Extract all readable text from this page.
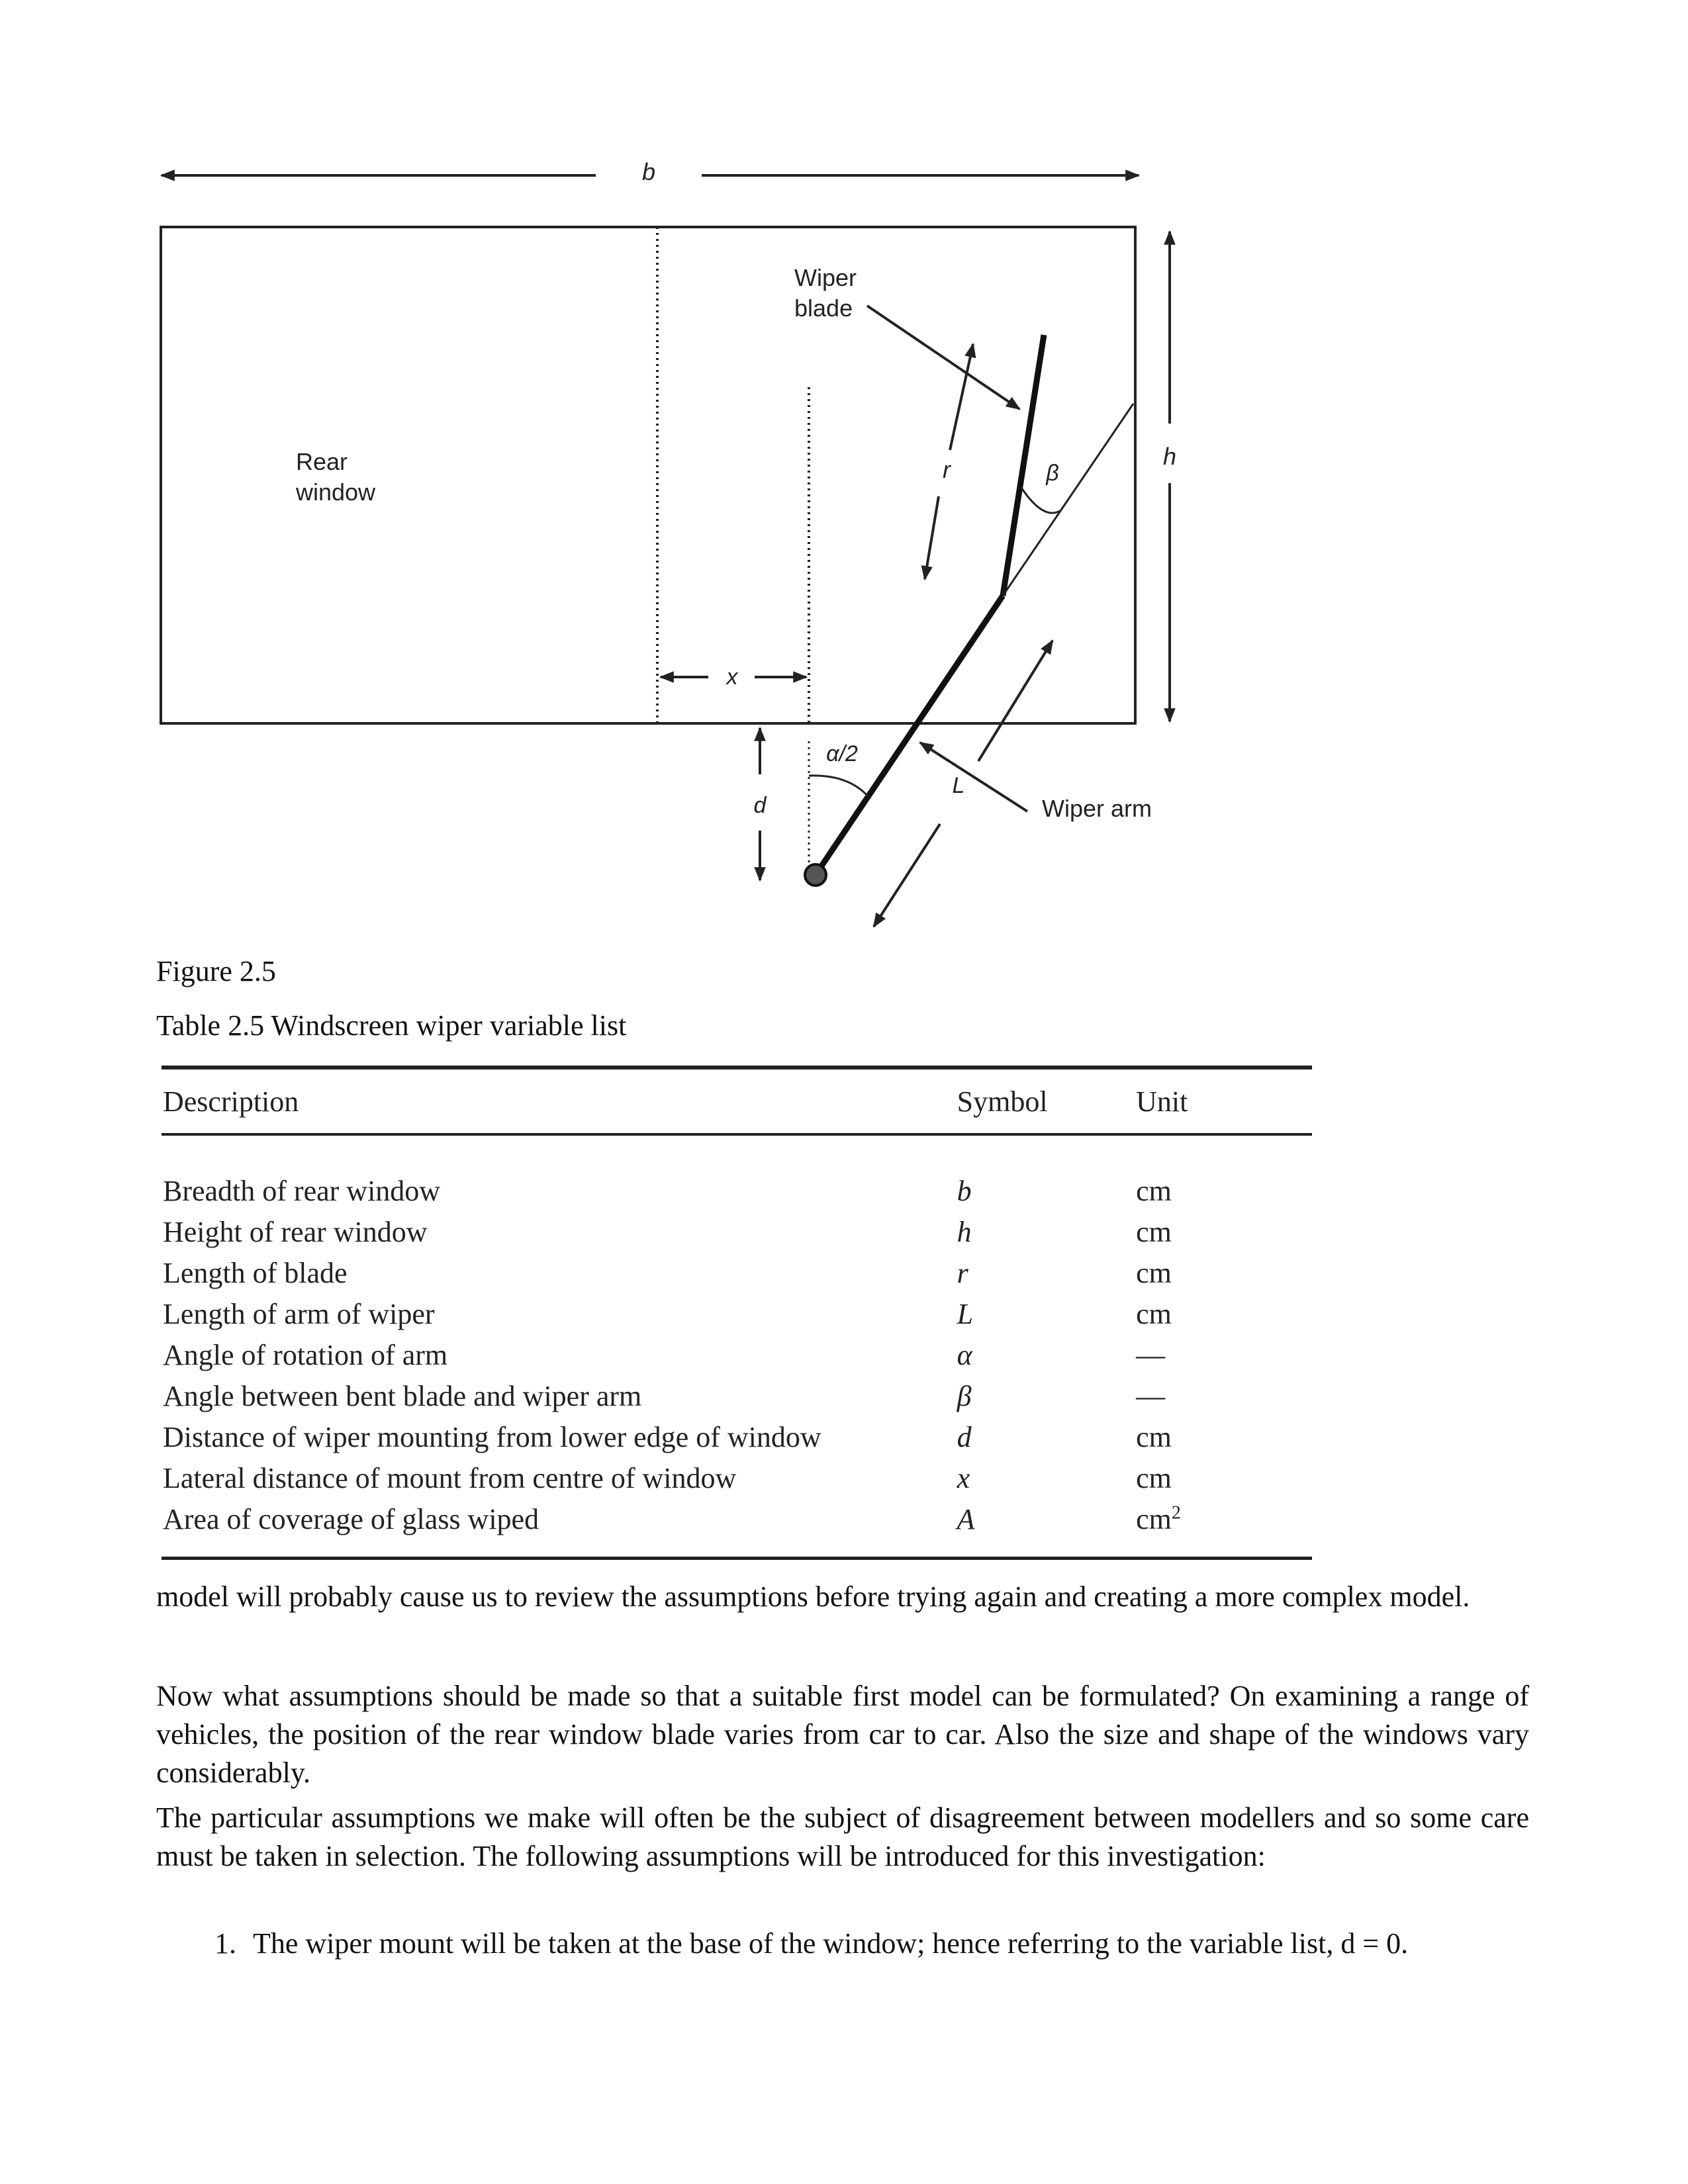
b
h
Rear
window
Wiper
blade
r	β
α/2
x
d
L
Wiper arm
Figure 2.5
Table 2.5 Windscreen wiper variable list
Description	Symbol	Unit
Breadth of rear window	b	cm
Height of rear window	h	cm
Length of blade	r	cm
Length of arm of wiper	L	cm
Angle of rotation of arm	α	—
Angle between bent blade and wiper arm	β	—
Distance of wiper mounting from lower edge of window	d	cm
Lateral distance of mount from centre of window	x	cm
Area of coverage of glass wiped	A	$cm^2$

model will probably cause us to review the assumptions before trying again and creating a more complex model.

Now what assumptions should be made so that a suitable first model can be formulated? On examining a range of vehicles, the position of the rear window blade varies from car to car. Also the size and shape of the windows vary considerably.

The particular assumptions we make will often be the subject of disagreement between modellers and so some care must be taken in selection. The following assumptions will be introduced for this investigation:

1. The wiper mount will be taken at the base of the window; hence referring to the variable list, d = 0.
